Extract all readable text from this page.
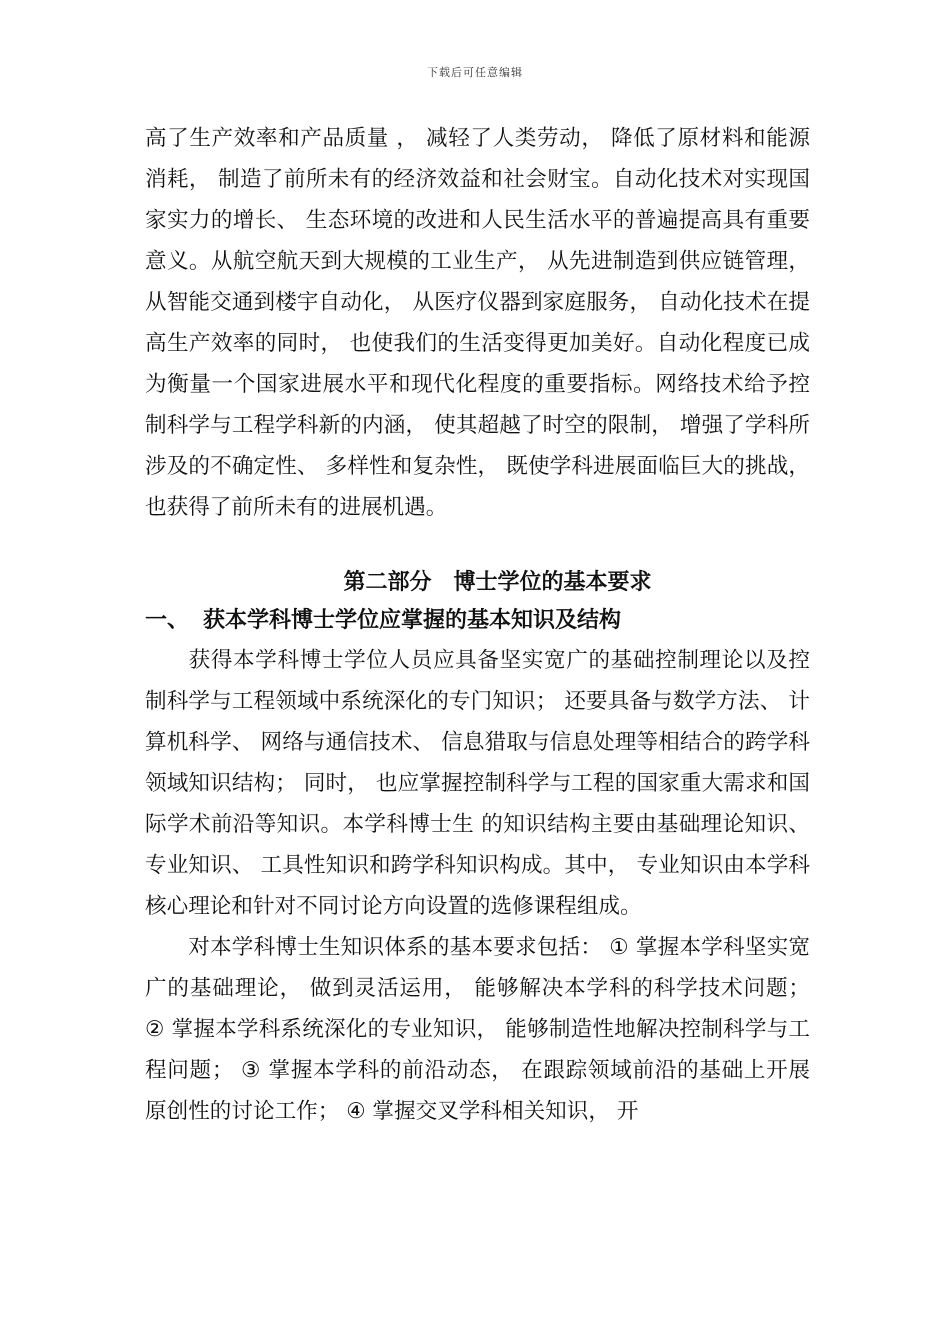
下载后可任意编辑

高了生产效率和产品质量 ， 减轻了人类劳动， 降低了原材料和能源消耗， 制造了前所未有的经济效益和社会财宝。自动化技术对实现国家实力的增长、 生态环境的改进和人民生活水平的普遍提高具有重要意义。从航空航天到大规模的工业生产， 从先进制造到供应链管理， 从智能交通到楼宇自动化， 从医疗仪器到家庭服务， 自动化技术在提高生产效率的同时， 也使我们的生活变得更加美好。自动化程度已成为衡量一个国家进展水平和现代化程度的重要指标。网络技术给予控制科学与工程学科新的内涵， 使其超越了时空的限制， 增强了学科所涉及的不确定性、 多样性和复杂性， 既使学科进展面临巨大的挑战， 也获得了前所未有的进展机遇。

第二部分　博士学位的基本要求
一、 获本学科博士学位应掌握的基本知识及结构

获得本学科博士学位人员应具备坚实宽广的基础控制理论以及控制科学与工程领域中系统深化的专门知识； 还要具备与数学方法、 计算机科学、 网络与通信技术、 信息猎取与信息处理等相结合的跨学科领域知识结构； 同时， 也应掌握控制科学与工程的国家重大需求和国际学术前沿等知识。本学科博士生 的知识结构主要由基础理论知识、 专业知识、 工具性知识和跨学科知识构成。其中， 专业知识由本学科核心理论和针对不同讨论方向设置的选修课程组成。

对本学科博士生知识体系的基本要求包括： ① 掌握本学科坚实宽广的基础理论， 做到灵活运用， 能够解决本学科的科学技术问题； ② 掌握本学科系统深化的专业知识， 能够制造性地解决控制科学与工程问题； ③ 掌握本学科的前沿动态， 在跟踪领域前沿的基础上开展原创性的讨论工作； ④ 掌握交叉学科相关知识， 开
